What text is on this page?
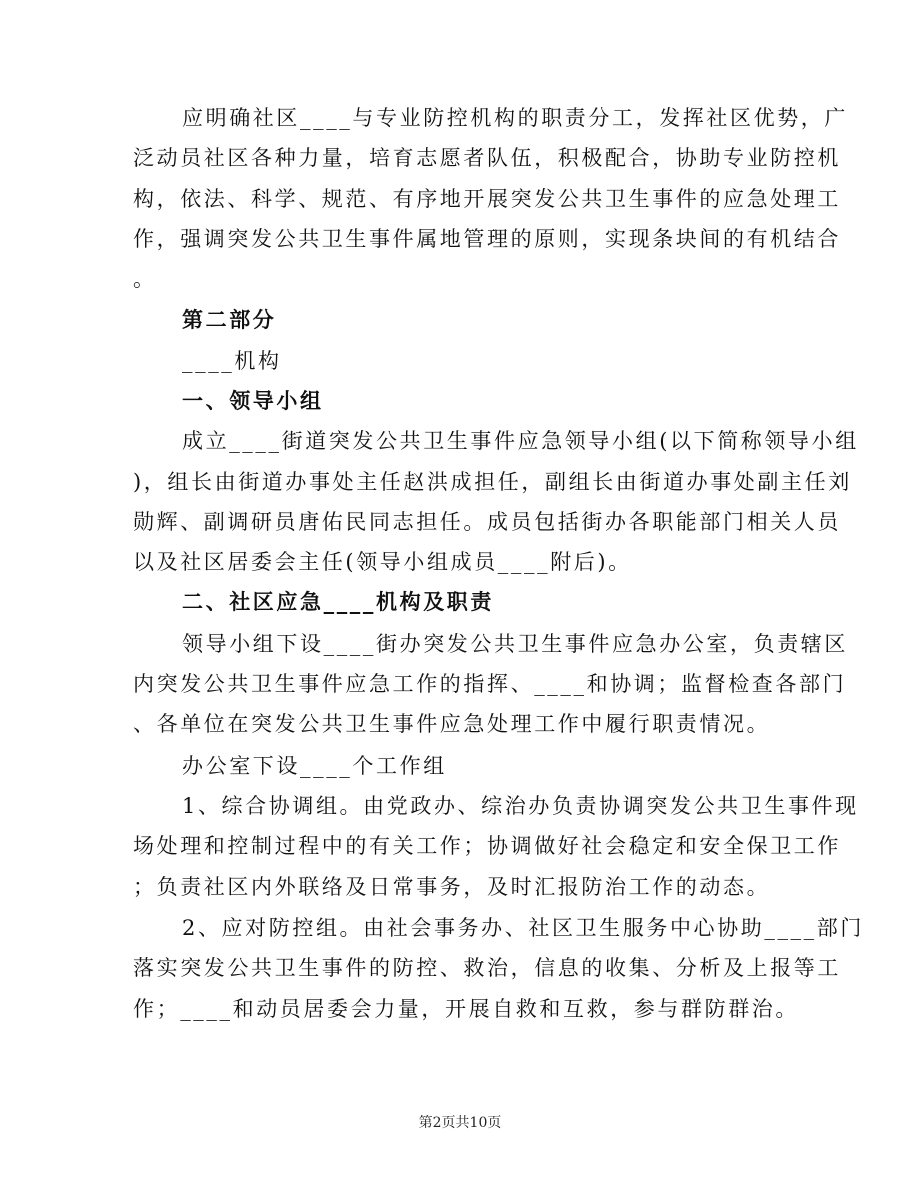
应明确社区____与专业防控机构的职责分工，发挥社区优势，广
泛动员社区各种力量，培育志愿者队伍，积极配合，协助专业防控机
构，依法、科学、规范、有序地开展突发公共卫生事件的应急处理工
作，强调突发公共卫生事件属地管理的原则，实现条块间的有机结合
。
第二部分
____机构
一、领导小组
成立____街道突发公共卫生事件应急领导小组(以下简称领导小组
)，组长由街道办事处主任赵洪成担任，副组长由街道办事处副主任刘
勋辉、副调研员唐佑民同志担任。成员包括街办各职能部门相关人员
以及社区居委会主任(领导小组成员____附后)。
二、社区应急____机构及职责
领导小组下设____街办突发公共卫生事件应急办公室，负责辖区
内突发公共卫生事件应急工作的指挥、____和协调；监督检查各部门
、各单位在突发公共卫生事件应急处理工作中履行职责情况。
办公室下设____个工作组
1、综合协调组。由党政办、综治办负责协调突发公共卫生事件现
场处理和控制过程中的有关工作；协调做好社会稳定和安全保卫工作
；负责社区内外联络及日常事务，及时汇报防治工作的动态。
2、应对防控组。由社会事务办、社区卫生服务中心协助____部门
落实突发公共卫生事件的防控、救治，信息的收集、分析及上报等工
作；____和动员居委会力量，开展自救和互救，参与群防群治。
第2页共10页
